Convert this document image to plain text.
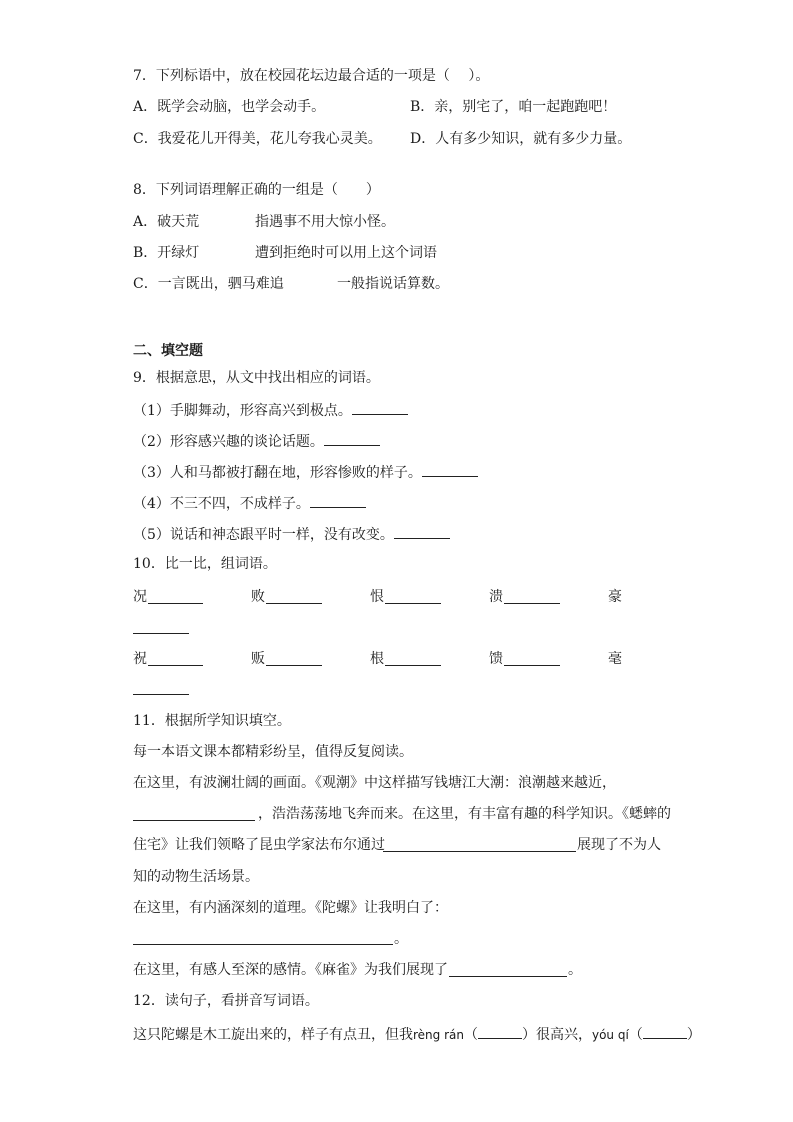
7．下列标语中，放在校园花坛边最合适的一项是（　 ）。
A．既学会动脑，也学会动手。	B．亲，别宅了，咱一起跑跑吧！
C．我爱花儿开得美，花儿夸我心灵美。 D．人有多少知识，就有多少力量。
8．下列词语理解正确的一组是（　　）
A．破天荒	指遇事不用大惊小怪。
B．开绿灯	遭到拒绝时可以用上这个词语
C．一言既出，驷马难追	一般指说话算数。
二、填空题
9．根据意思，从文中找出相应的词语。
（1）手脚舞动，形容高兴到极点。
（2）形容感兴趣的谈论话题。
（3）人和马都被打翻在地，形容惨败的样子。
（4）不三不四，不成样子。
（5）说话和神态跟平时一样，没有改变。
10．比一比，组词语。
况	败	恨	溃	豪
祝	贩	根	馈	毫
11．根据所学知识填空。
每一本语文课本都精彩纷呈，值得反复阅读。
在这里，有波澜壮阔的画面。《观潮》中这样描写钱塘江大潮：浪潮越来越近，
，浩浩荡荡地飞奔而来。在这里，有丰富有趣的科学知识。《蟋蟀的
住宅》让我们领略了昆虫学家法布尔通过	展现了不为人
知的动物生活场景。
在这里，有内涵深刻的道理。《陀螺》让我明白了：
。
在这里，有感人至深的感情。《麻雀》为我们展现了	。
12．读句子，看拼音写词语。
这只陀螺是木工旋出来的，样子有点丑，但我rèng rán（	）很高兴，yóu qí（	）
